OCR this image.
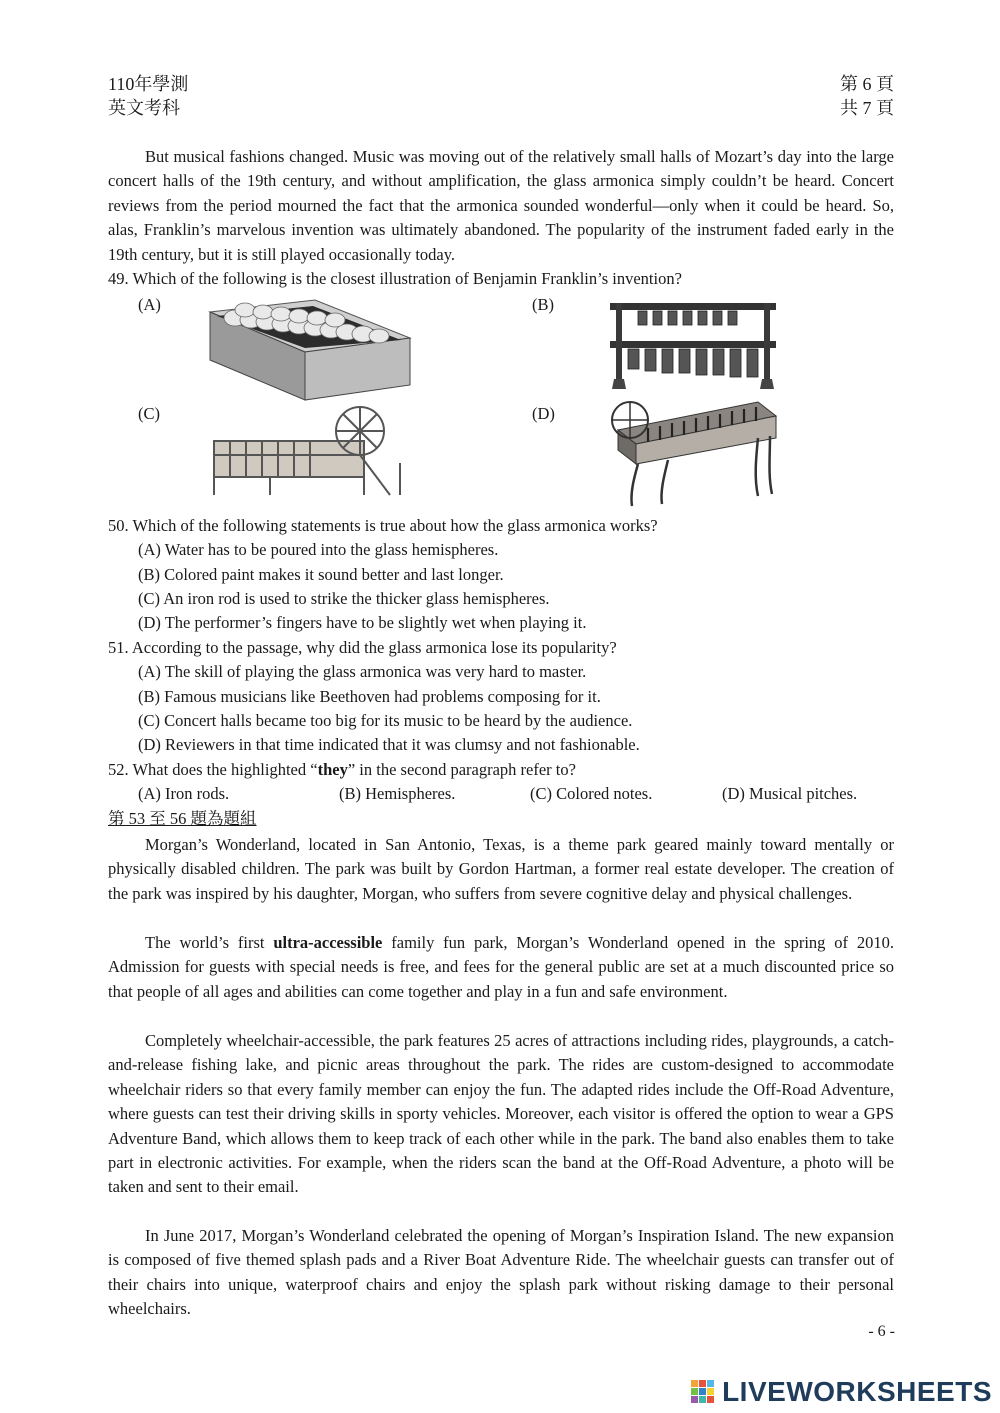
110年學測
英文考科
第 6 頁
共 7 頁
But musical fashions changed. Music was moving out of the relatively small halls of Mozart’s day into the large concert halls of the 19th century, and without amplification, the glass armonica simply couldn’t be heard. Concert reviews from the period mourned the fact that the armonica sounded wonderful—only when it could be heard. So, alas, Franklin’s marvelous invention was ultimately abandoned. The popularity of the instrument faded early in the 19th century, but it is still played occasionally today.
49. Which of the following is the closest illustration of Benjamin Franklin’s invention?
(A)	(B)
(C)	(D)
50. Which of the following statements is true about how the glass armonica works?
(A) Water has to be poured into the glass hemispheres.
(B) Colored paint makes it sound better and last longer.
(C) An iron rod is used to strike the thicker glass hemispheres.
(D) The performer’s fingers have to be slightly wet when playing it.
51. According to the passage, why did the glass armonica lose its popularity?
(A) The skill of playing the glass armonica was very hard to master.
(B) Famous musicians like Beethoven had problems composing for it.
(C) Concert halls became too big for its music to be heard by the audience.
(D) Reviewers in that time indicated that it was clumsy and not fashionable.
52. What does the highlighted “they” in the second paragraph refer to?
(A) Iron rods.	(B) Hemispheres.	(C) Colored notes.	(D) Musical pitches.
第 53 至 56 題為題組
Morgan’s Wonderland, located in San Antonio, Texas, is a theme park geared mainly toward mentally or physically disabled children. The park was built by Gordon Hartman, a former real estate developer. The creation of the park was inspired by his daughter, Morgan, who suffers from severe cognitive delay and physical challenges.
The world’s first ultra-accessible family fun park, Morgan’s Wonderland opened in the spring of 2010. Admission for guests with special needs is free, and fees for the general public are set at a much discounted price so that people of all ages and abilities can come together and play in a fun and safe environment.
Completely wheelchair-accessible, the park features 25 acres of attractions including rides, playgrounds, a catch-and-release fishing lake, and picnic areas throughout the park. The rides are custom-designed to accommodate wheelchair riders so that every family member can enjoy the fun. The adapted rides include the Off-Road Adventure, where guests can test their driving skills in sporty vehicles. Moreover, each visitor is offered the option to wear a GPS Adventure Band, which allows them to keep track of each other while in the park. The band also enables them to take part in electronic activities. For example, when the riders scan the band at the Off-Road Adventure, a photo will be taken and sent to their email.
In June 2017, Morgan’s Wonderland celebrated the opening of Morgan’s Inspiration Island. The new expansion is composed of five themed splash pads and a River Boat Adventure Ride. The wheelchair guests can transfer out of their chairs into unique, waterproof chairs and enjoy the splash park without risking damage to their personal wheelchairs.
- 6 -
LIVEWORKSHEETS
